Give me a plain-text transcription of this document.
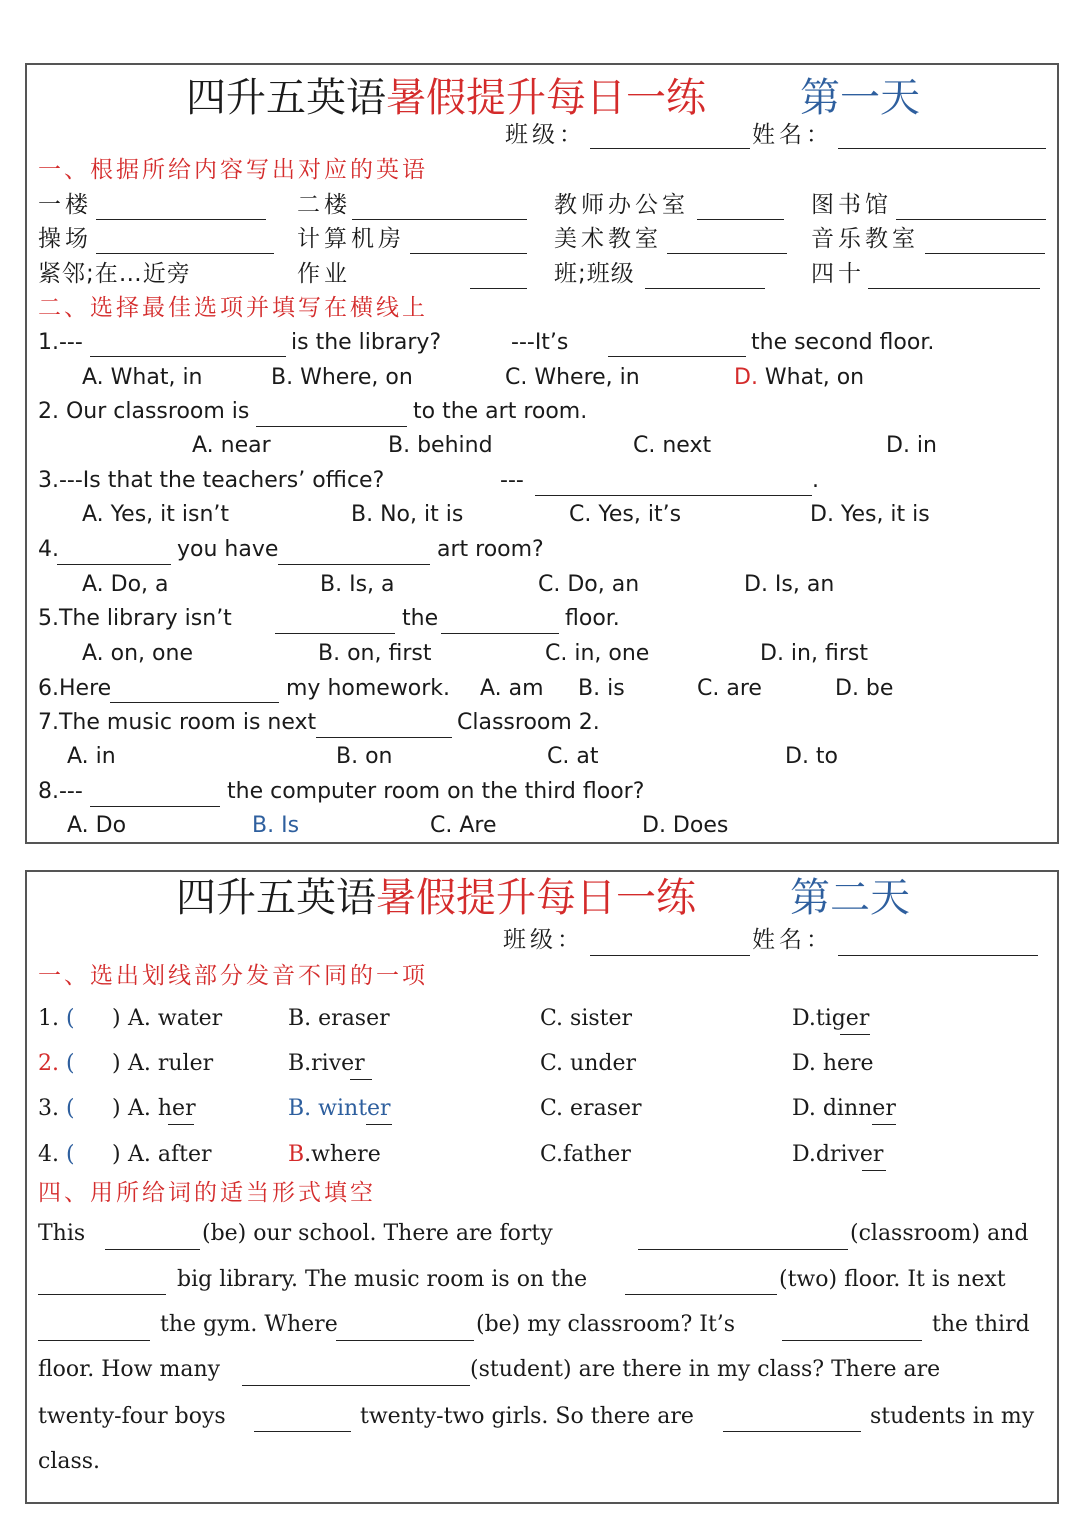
四升五英语暑假提升每日一练 第一天
班级：	姓名：
一、根据所给内容写出对应的英语
一楼	二楼	教师办公室	图书馆
操场	计算机房	美术教室	音乐教室
紧邻;在…近旁	作业	班;班级	四十
二、选择最佳选项并填写在横线上
1.---	is the library?	---It’s	the second floor.
A. What, in	B. Where, on	C. Where, in	D. What, on
2. Our classroom is	to the art room.
A. near	B. behind	C. next	D. in
3.---Is that the teachers’ office?	---	.
A. Yes, it isn’t	B. No, it is	C. Yes, it’s	D. Yes, it is
4.	you have	art room?
A. Do, a	B. Is, a	C. Do, an	D. Is, an
5.The library isn’t	the	floor.
A. on, one	B. on, first	C. in, one	D. in, first
6.Here	my homework. A. am B. is	C. are	D. be
7.The music room is next	Classroom 2.
A. in	B. on	C. at	D. to
8.---	the computer room on the third floor?
A. Do	B. Is	C. Are	D. Does
四升五英语暑假提升每日一练 第二天
班级：	姓名：
一、选出划线部分发音不同的一项
1. (	) A. water	B. eraser	C. sister	D.tiger
2. ( ) A. ruler	B.river	C. under	D. here
3. ( ) A. her	B. winter	C. eraser	D. dinner
4. ( ) A. after	B.where	C.father	D.driver
四、用所给词的适当形式填空
This	(be) our school. There are forty	(classroom) and
big library. The music room is on the	(two) floor. It is next
the gym. Where	(be) my classroom? It’s	the third
floor. How many	(student) are there in my class? There are
twenty-four boys	twenty-two girls. So there are	students in my
class.
